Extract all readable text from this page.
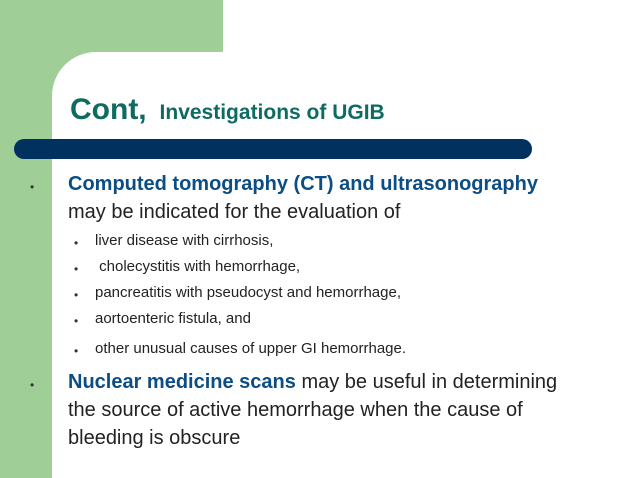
Cont, Investigations of UGIB
• Computed tomography (CT) and ultrasonography
may be indicated for the evaluation of
• liver disease with cirrhosis,
• cholecystitis with hemorrhage,
• pancreatitis with pseudocyst and hemorrhage,
• aortoenteric fistula, and
• other unusual causes of upper GI hemorrhage.
• Nuclear medicine scans may be useful in determining the source of active hemorrhage when the cause of bleeding is obscure
